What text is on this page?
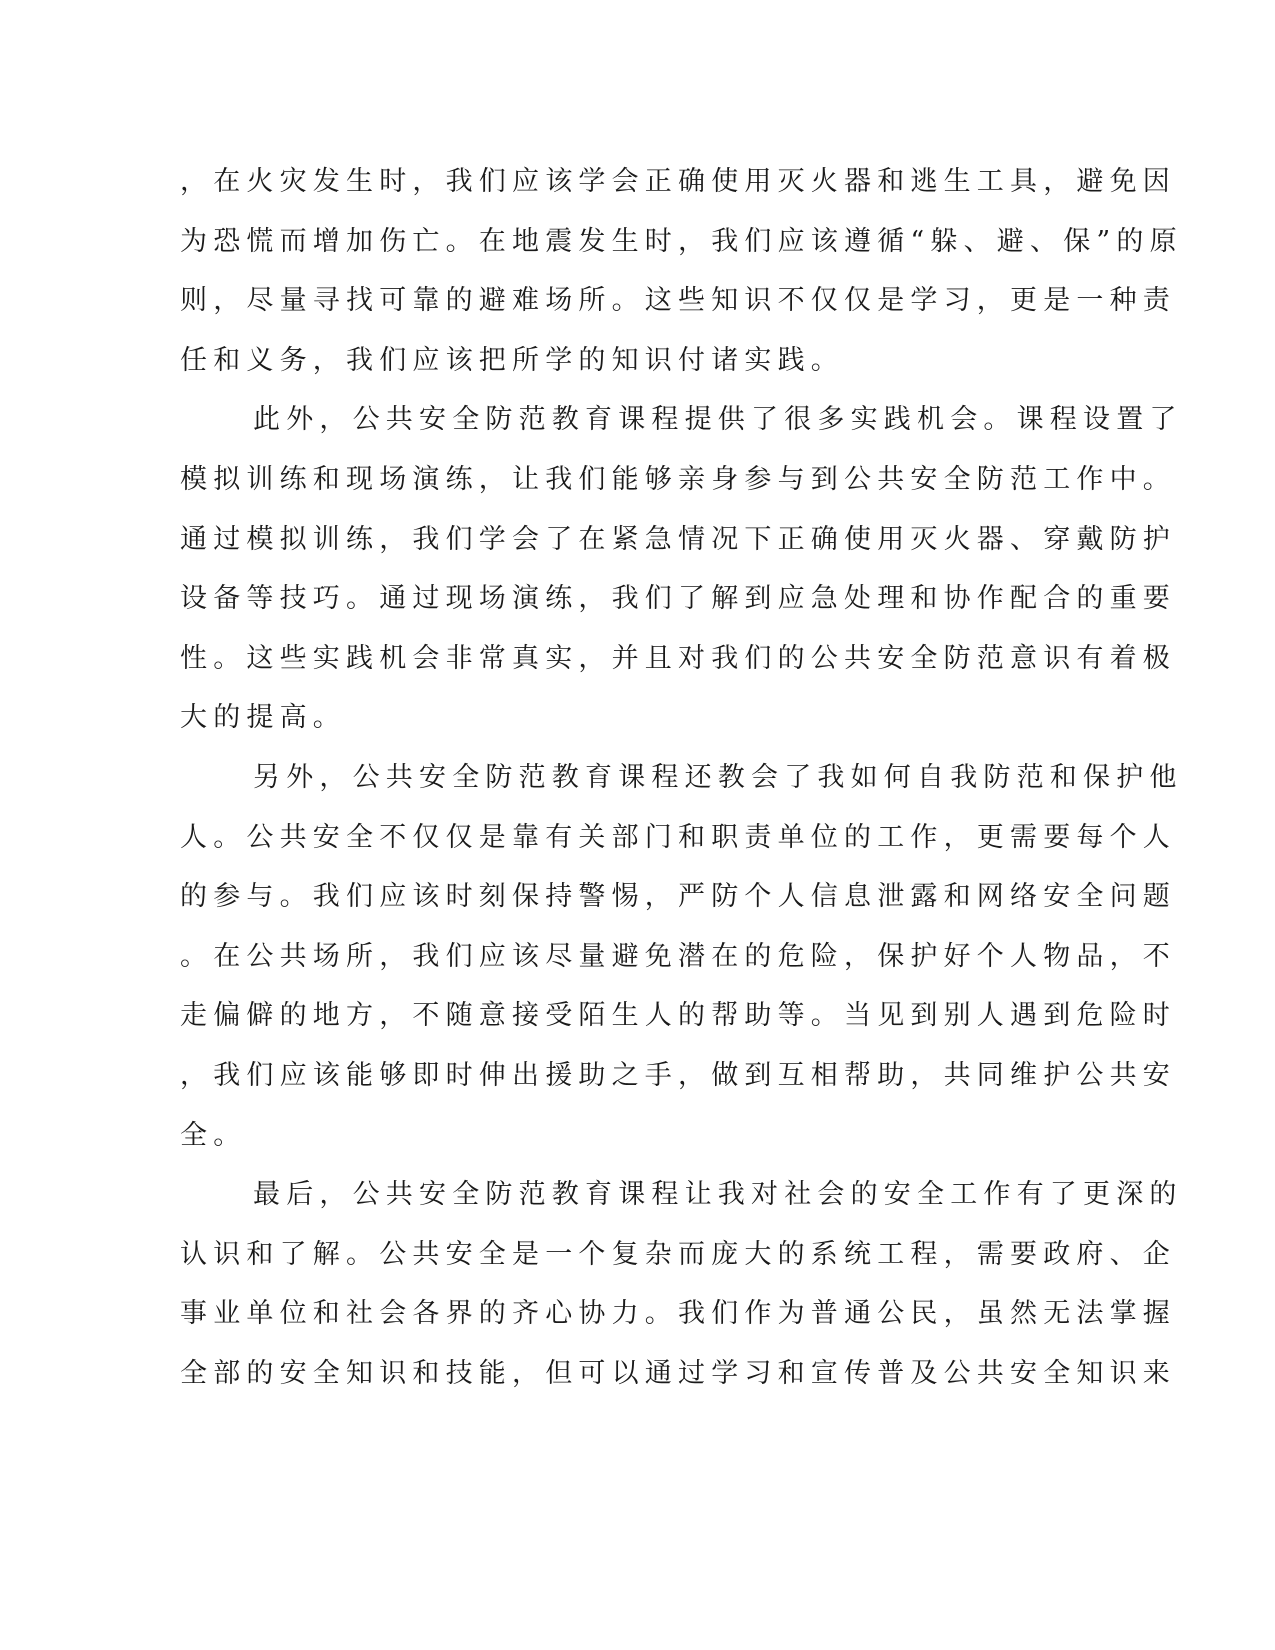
，在火灾发生时，我们应该学会正确使用灭火器和逃生工具，避免因
为恐慌而增加伤亡。在地震发生时，我们应该遵循“躲、避、保”的原
则，尽量寻找可靠的避难场所。这些知识不仅仅是学习，更是一种责
任和义务，我们应该把所学的知识付诸实践。
此外，公共安全防范教育课程提供了很多实践机会。课程设置了
模拟训练和现场演练，让我们能够亲身参与到公共安全防范工作中。
通过模拟训练，我们学会了在紧急情况下正确使用灭火器、穿戴防护
设备等技巧。通过现场演练，我们了解到应急处理和协作配合的重要
性。这些实践机会非常真实，并且对我们的公共安全防范意识有着极
大的提高。
另外，公共安全防范教育课程还教会了我如何自我防范和保护他
人。公共安全不仅仅是靠有关部门和职责单位的工作，更需要每个人
的参与。我们应该时刻保持警惕，严防个人信息泄露和网络安全问题
。在公共场所，我们应该尽量避免潜在的危险，保护好个人物品，不
走偏僻的地方，不随意接受陌生人的帮助等。当见到别人遇到危险时
，我们应该能够即时伸出援助之手，做到互相帮助，共同维护公共安
全。
最后，公共安全防范教育课程让我对社会的安全工作有了更深的
认识和了解。公共安全是一个复杂而庞大的系统工程，需要政府、企
事业单位和社会各界的齐心协力。我们作为普通公民，虽然无法掌握
全部的安全知识和技能，但可以通过学习和宣传普及公共安全知识来
